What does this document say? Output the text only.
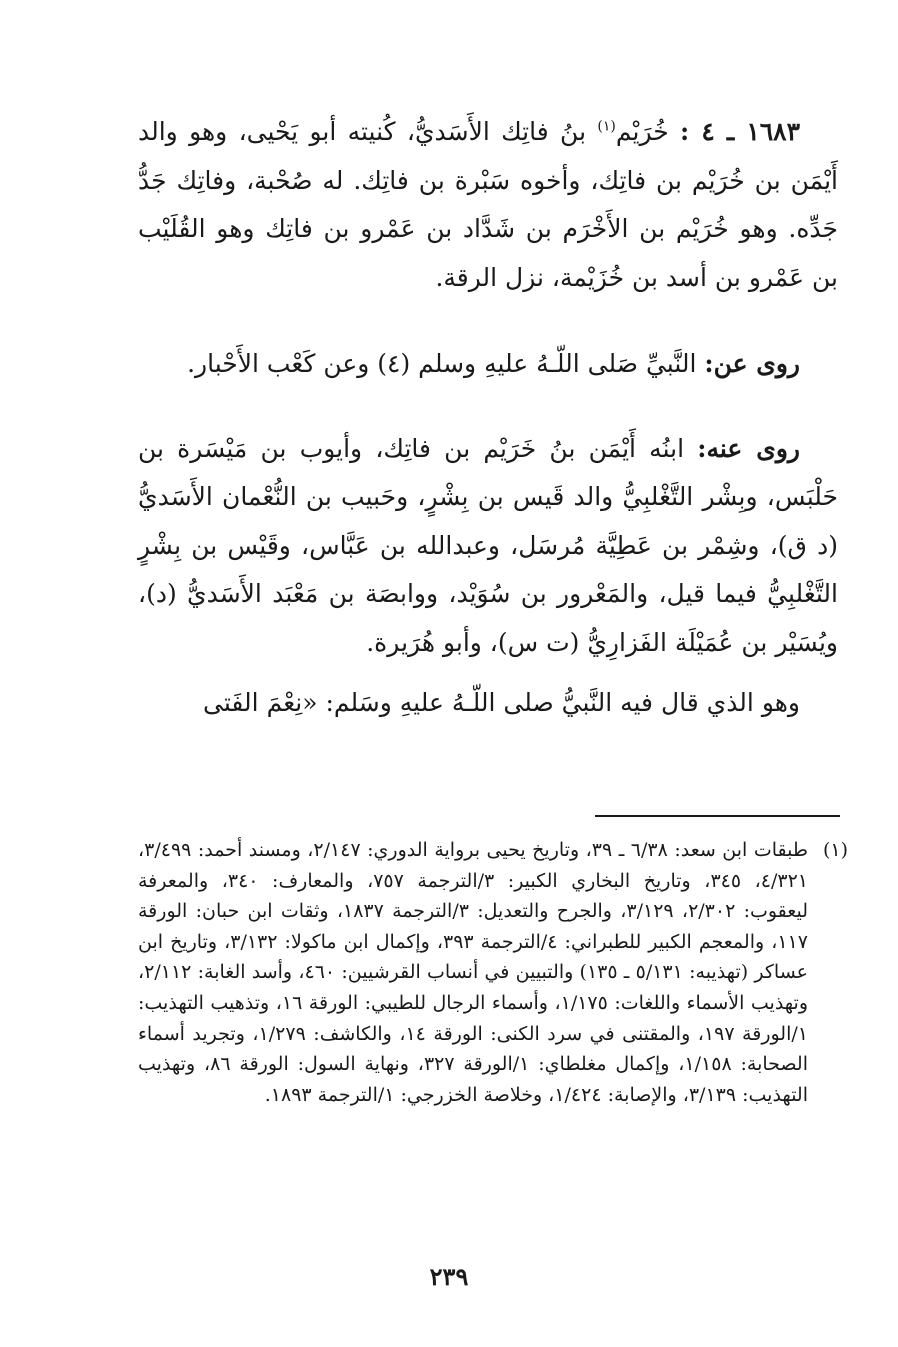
١٦٨٣ ـ ٤ : خُرَيْم$^{(١)}$ بنُ فاتِك الأَسَديُّ، كُنيته أبو يَحْيى، وهو والد أَيْمَن بن خُرَيْم بن فاتِك، وأخوه سَبْرة بن فاتِك. له صُحْبة، وفاتِك جَدُّ جَدِّه. وهو خُرَيْم بن الأَخْرَم بن شَدَّاد بن عَمْرو بن فاتِك وهو القُلَيْب بن عَمْرو بن أسد بن خُزَيْمة، نزل الرقة.

روى عن: النَّبيِّ صَلى اللّـهُ عليهِ وسلم (٤) وعن كَعْب الأَحْبار.

روى عنه: ابنُه أَيْمَن بنُ خَرَيْم بن فاتِك، وأيوب بن مَيْسَرة بن حَلْبَس، وبِشْر التَّغْلبِيُّ والد قَيس بن بِشْرٍ، وحَبيب بن النُّعْمان الأَسَديُّ (د ق)، وشِمْر بن عَطِيَّة مُرسَل، وعبدالله بن عَبَّاس، وقَيْس بن بِشْرٍ التَّغْلبِيُّ فيما قيل، والمَعْرور بن سُوَيْد، ووابصَة بن مَعْبَد الأَسَديُّ (د)، ويُسَيْر بن عُمَيْلَة الفَزارِيُّ (ت س)، وأبو هُرَيرة.

وهو الذي قال فيه النَّبيُّ صلى اللّـهُ عليهِ وسَلم: «نِعْمَ الفَتى

(١)
طبقات ابن سعد: ٦/٣٨ ـ ٣٩، وتاريخ يحيى برواية الدوري: ٢/١٤٧، ومسند أحمد: ٣/٤٩٩، ٤/٣٢١، ٣٤٥، وتاريخ البخاري الكبير: ٣/الترجمة ٧٥٧، والمعارف: ٣٤٠، والمعرفة ليعقوب: ٢/٣٠٢، ٣/١٢٩، والجرح والتعديل: ٣/الترجمة ١٨٣٧، وثقات ابن حبان: الورقة ١١٧، والمعجم الكبير للطبراني: ٤/الترجمة ٣٩٣، وإكمال ابن ماكولا: ٣/١٣٢، وتاريخ ابن عساكر (تهذيبه: ٥/١٣١ ـ ١٣٥) والتبيين في أنساب القرشيين: ٤٦٠، وأسد الغابة: ٢/١١٢، وتهذيب الأسماء واللغات: ١/١٧٥، وأسماء الرجال للطيبي: الورقة ١٦، وتذهيب التهذيب: ١/الورقة ١٩٧، والمقتنى في سرد الكنى: الورقة ١٤، والكاشف: ١/٢٧٩، وتجريد أسماء الصحابة: ١/١٥٨، وإكمال مغلطاي: ١/الورقة ٣٢٧، ونهاية السول: الورقة ٨٦، وتهذيب التهذيب: ٣/١٣٩، والإصابة: ١/٤٢٤، وخلاصة الخزرجي: ١/الترجمة ١٨٩٣.
٢٣٩
